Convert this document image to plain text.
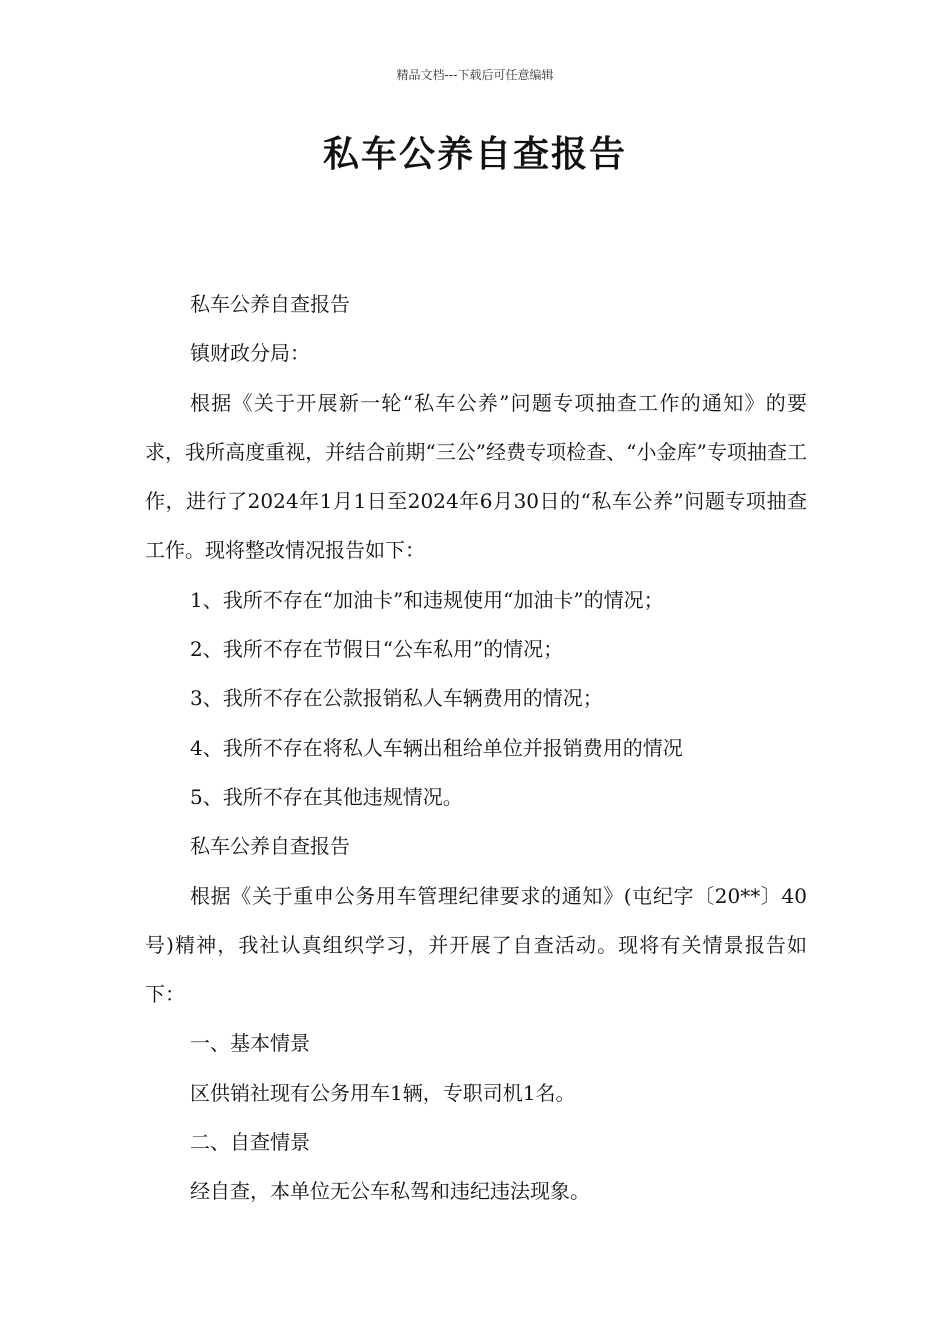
精品文档---下载后可任意编辑
私车公养自查报告

私车公养自查报告

镇财政分局：

根据《关于开展新一轮“私车公养”问题专项抽查工作的通知》的要求，我所高度重视，并结合前期“三公”经费专项检查、“小金库”专项抽查工作，进行了2024年1月1日至2024年6月30日的“私车公养”问题专项抽查工作。现将整改情况报告如下：

1、我所不存在“加油卡”和违规使用“加油卡”的情况；

2、我所不存在节假日“公车私用”的情况；

3、我所不存在公款报销私人车辆费用的情况；

4、我所不存在将私人车辆出租给单位并报销费用的情况

5、我所不存在其他违规情况。

私车公养自查报告

根据《关于重申公务用车管理纪律要求的通知》(屯纪字〔20**〕40号)精神，我社认真组织学习，并开展了自查活动。现将有关情景报告如下：

一、基本情景

区供销社现有公务用车1辆，专职司机1名。

二、自查情景

经自查，本单位无公车私驾和违纪违法现象。
